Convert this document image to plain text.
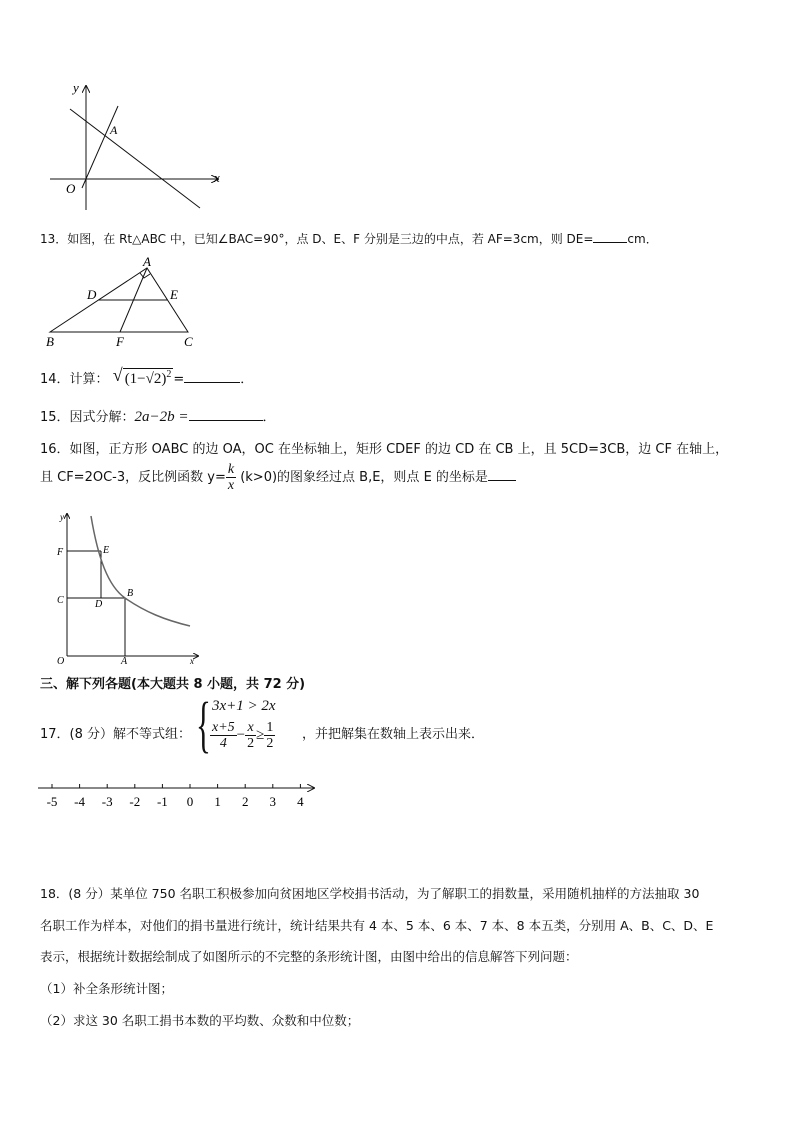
y
x
O
A
13．如图，在 Rt△ABC 中，已知∠BAC=90°，点 D、E、F 分别是三边的中点，若 AF=3cm，则 DE=	cm．
A
B	C
D	E
F
14．计算： √ $(1-√2)^2$ =	．
15．因式分解：2a−2b =	．
16．如图，正方形 OABC 的边 OA，OC 在坐标轴上，矩形 CDEF 的边 CD 在 CB 上，且 5CD=3CB，边 CF 在轴上，
且 CF=2OC-3，反比例函数 $y= \frac{k}{x} (k>0)$的图象经过点 B,E，则点 E 的坐标是
y
x
F	E
C	D
B
O	A
三、解下列各题(本大题共 8 小题，共 72 分)
17．(8 分）解不等式组： { 3x+1 > 2x
$\frac{x+5}{4} - \frac{x}{2} \ge \frac{1}{2}$ ，并把解集在数轴上表示出来．
-5 -4 -3 -2 -1 0 1 2 3 4
18．(8 分）某单位 750 名职工积极参加向贫困地区学校捐书活动，为了解职工的捐数量，采用随机抽样的方法抽取 30
名职工作为样本，对他们的捐书量进行统计，统计结果共有 4 本、5 本、6 本、7 本、8 本五类，分别用 A、B、C、D、E
表示，根据统计数据绘制成了如图所示的不完整的条形统计图，由图中给出的信息解答下列问题：
（1）补全条形统计图；
（2）求这 30 名职工捐书本数的平均数、众数和中位数；
